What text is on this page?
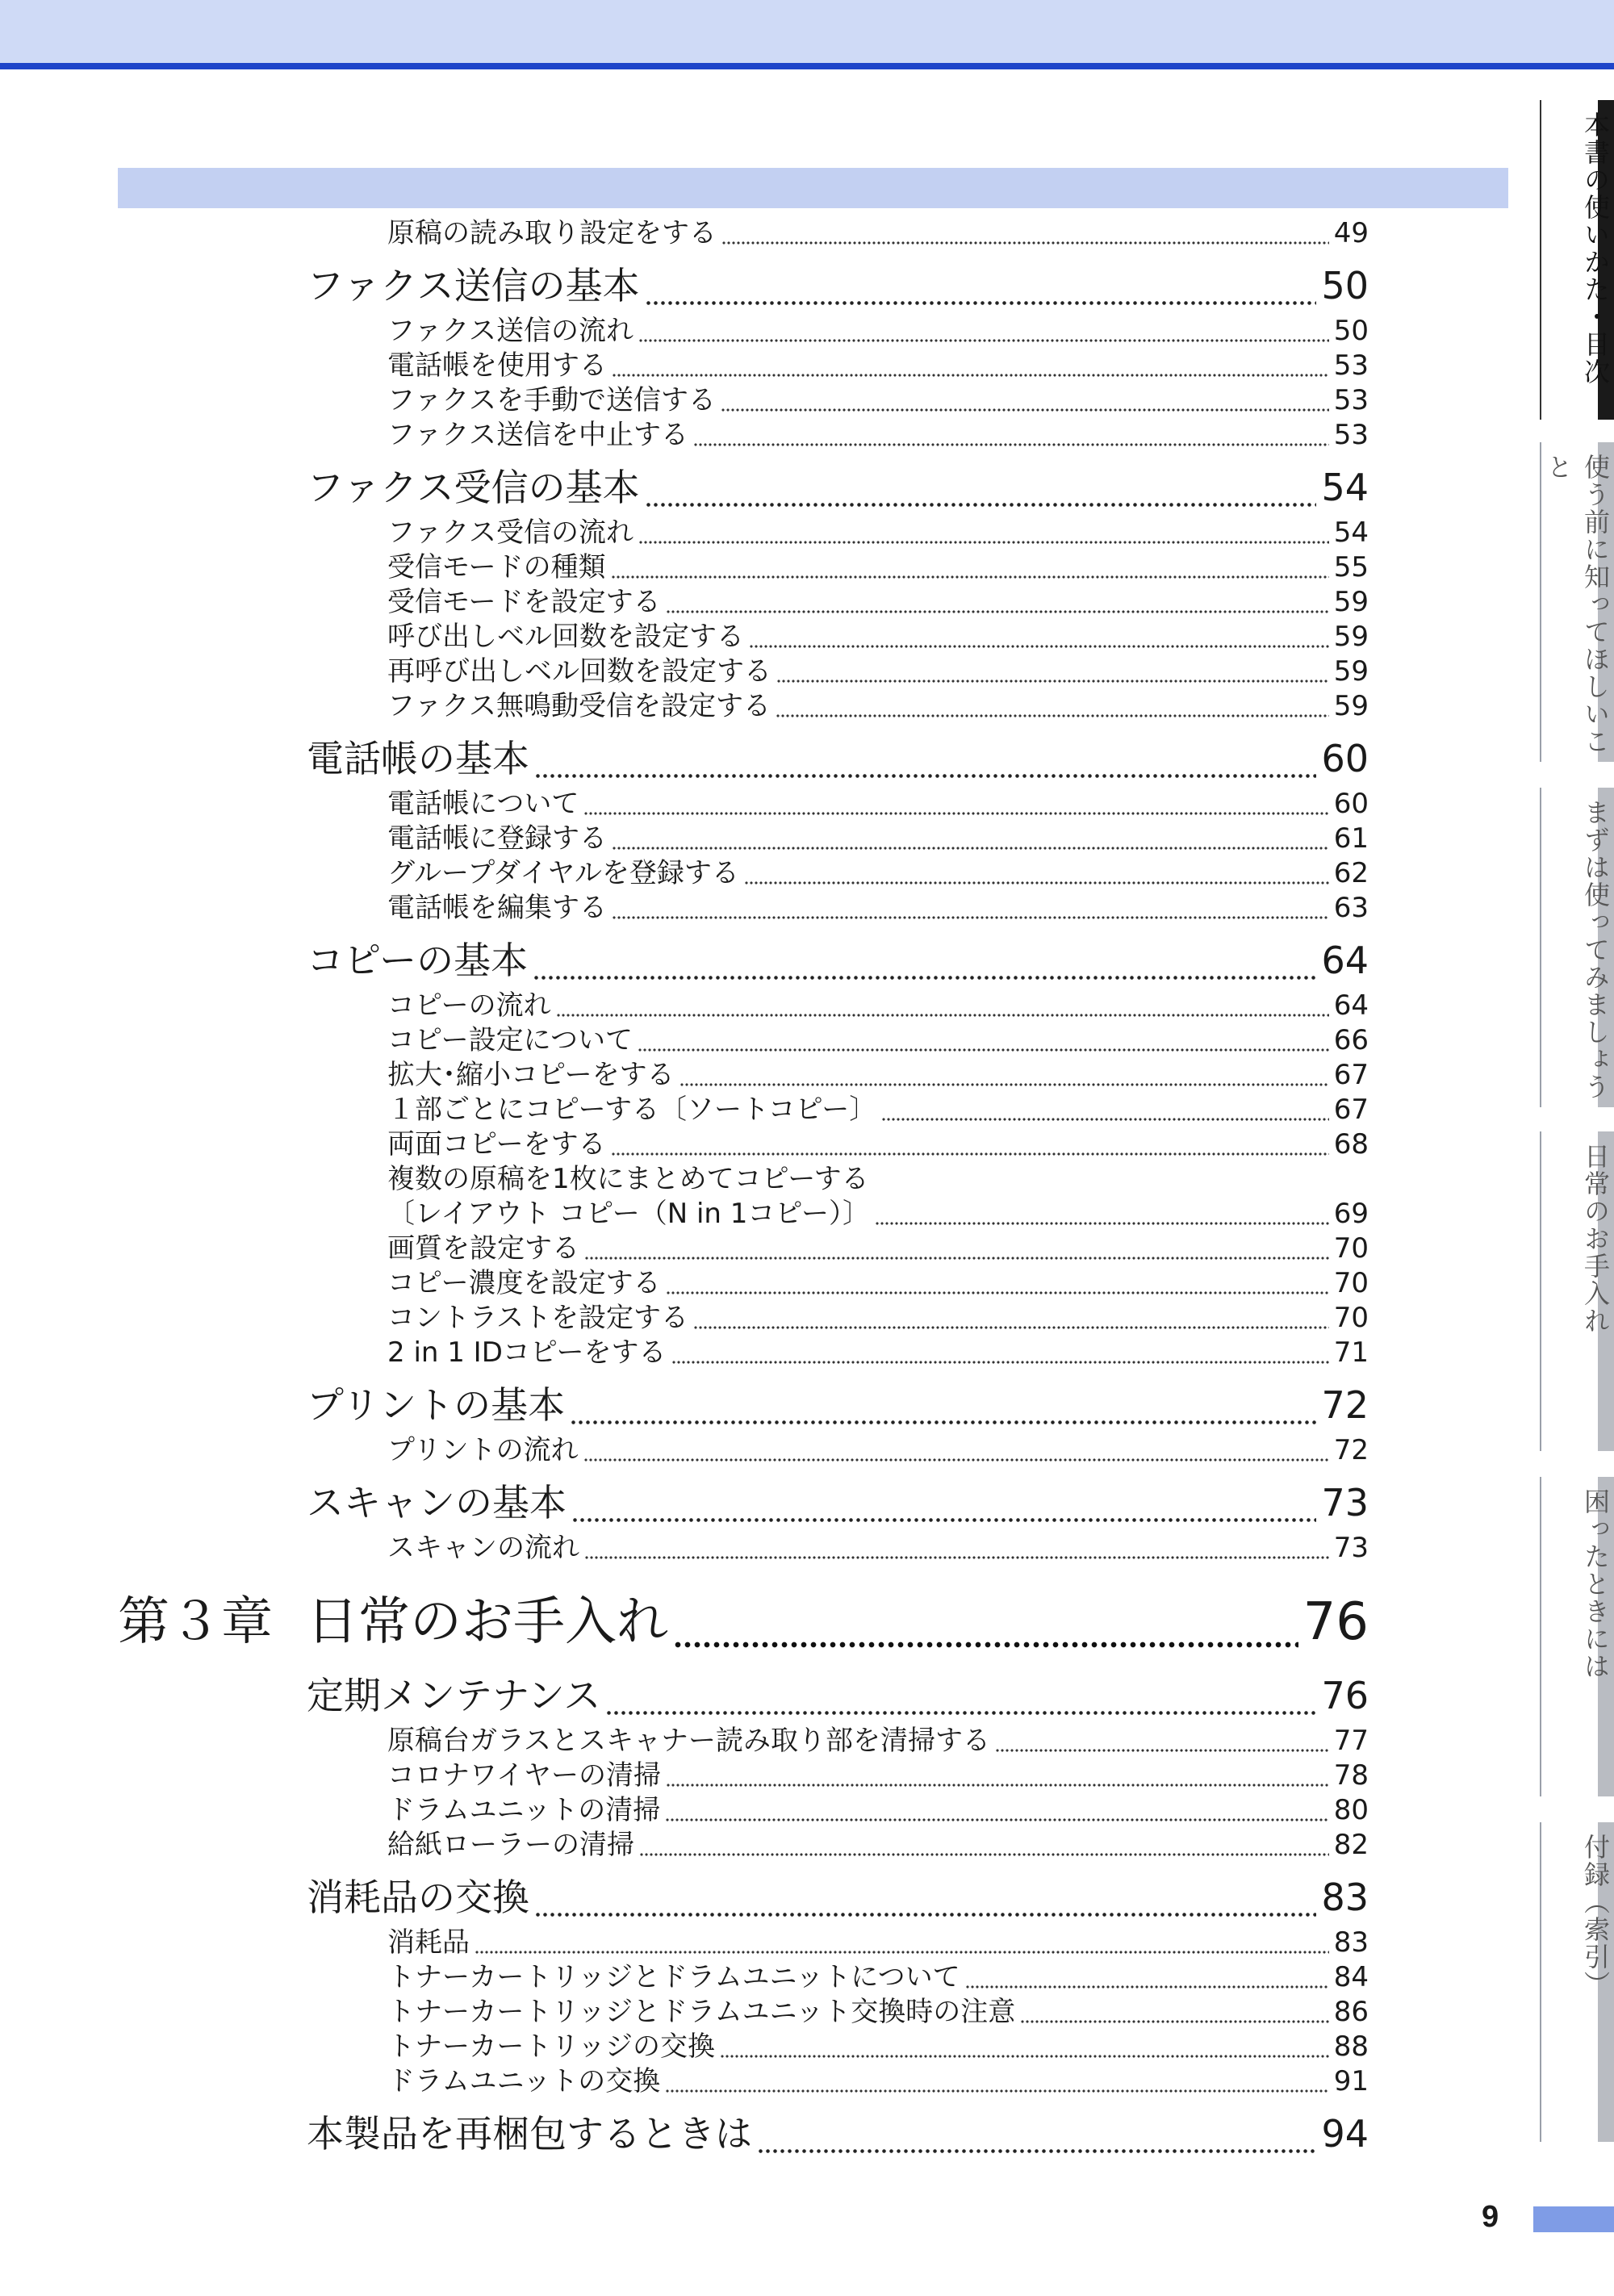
原稿の読み取り設定をする	49
ファクス送信の基本	50
ファクス送信の流れ	50
電話帳を使用する	53
ファクスを手動で送信する	53
ファクス送信を中止する	53
ファクス受信の基本	54
ファクス受信の流れ	54
受信モードの種類	55
受信モードを設定する	59
呼び出しベル回数を設定する	59
再呼び出しベル回数を設定する	59
ファクス無鳴動受信を設定する	59
電話帳の基本	60
電話帳について	60
電話帳に登録する	61
グループダイヤルを登録する	62
電話帳を編集する	63
コピーの基本	64
コピーの流れ	64
コピー設定について	66
拡大･縮小コピーをする	67
１部ごとにコピーする〔ソートコピー〕	67
両面コピーをする	68
複数の原稿を1枚にまとめてコピーする
〔レイアウト コピー（N in 1コピー）〕	69
画質を設定する	70
コピー濃度を設定する	70
コントラストを設定する	70
2 in 1 IDコピーをする	71
プリントの基本	72
プリントの流れ	72
スキャンの基本	73
スキャンの流れ	73
第３章 日常のお手入れ	76
定期メンテナンス	76
原稿台ガラスとスキャナー読み取り部を清掃する	77
コロナワイヤーの清掃	78
ドラムユニットの清掃	80
給紙ローラーの清掃	82
消耗品の交換	83
消耗品	83
トナーカートリッジとドラムユニットについて	84
トナーカートリッジとドラムユニット交換時の注意	86
トナーカートリッジの交換	88
ドラムユニットの交換	91
本製品を再梱包するときは	94
本書の使いかた･目次
使う前に知ってほしいこと
まずは使ってみましょう
日常のお手入れ
困ったときには
付録（索引）
9
